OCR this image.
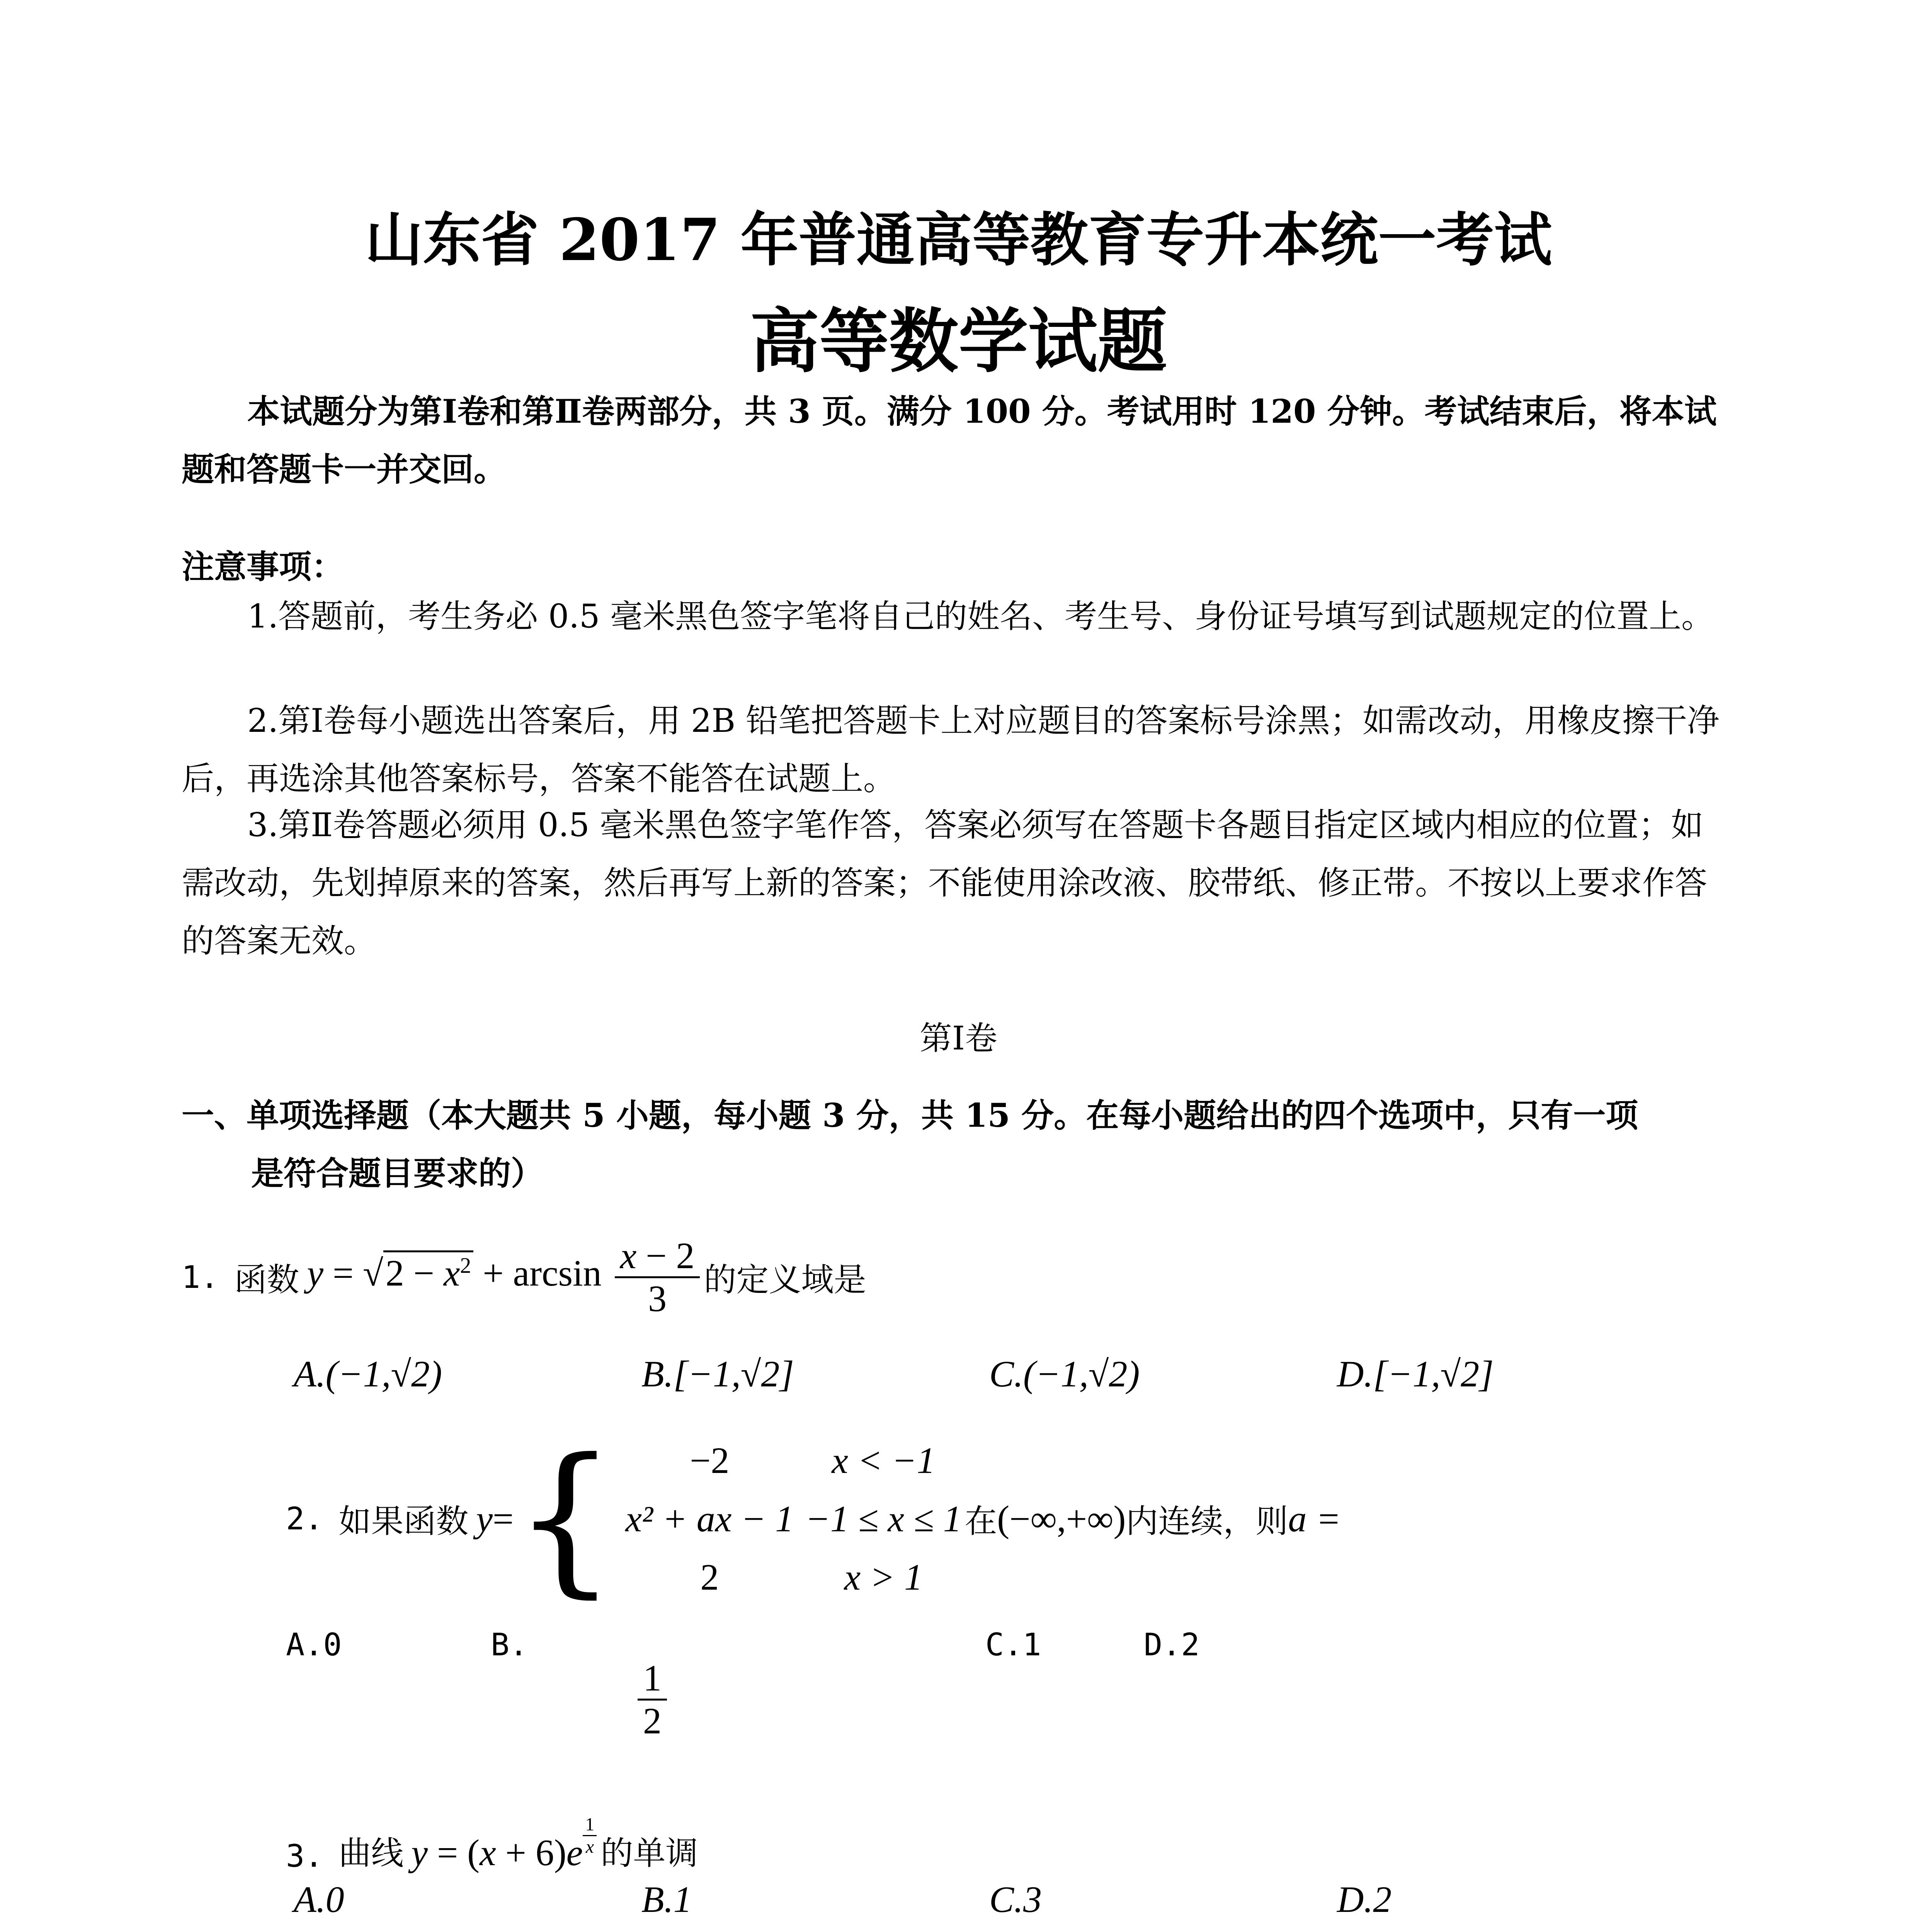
山东省 2017 年普通高等教育专升本统一考试
高等数学试题
本试题分为第Ⅰ卷和第Ⅱ卷两部分，共 3 页。满分 100 分。考试用时 120 分钟。考试结束后，将本试题和答题卡一并交回。
注意事项：
1.答题前，考生务必 0.5 毫米黑色签字笔将自己的姓名、考生号、身份证号填写到试题规定的位置上。
2.第Ⅰ卷每小题选出答案后，用 2B 铅笔把答题卡上对应题目的答案标号涂黑；如需改动，用橡皮擦干净后，再选涂其他答案标号，答案不能答在试题上。
3.第Ⅱ卷答题必须用 0.5 毫米黑色签字笔作答，答案必须写在答题卡各题目指定区域内相应的位置；如需改动，先划掉原来的答案，然后再写上新的答案；不能使用涂改液、胶带纸、修正带。不按以上要求作答的答案无效。
第Ⅰ卷
一、单项选择题（本大题共 5 小题，每小题 3 分，共 15 分。在每小题给出的四个选项中，只有一项
是符合题目要求的）
1. 函数 $y = √2 - x^2 + \arcsin \frac{x - 2}{3}$ 的定义域是
A.(−1,√2)	B.[−1,√2]	C.(−1,√2)	D.[−1,√2]
2. 如果函数 y = {	−2	x < −1
x² + ax − 1 −1 ≤ x ≤ 1
2	x > 1
在 (−∞,+∞) 内连续，则 a =
A.0	B.
$\frac{1}{2}$
C.1	D.2
3. 曲线 $y = (x + 6)e \frac{1}{x}$ 的单调
A.0	B.1	C.3	D.2
